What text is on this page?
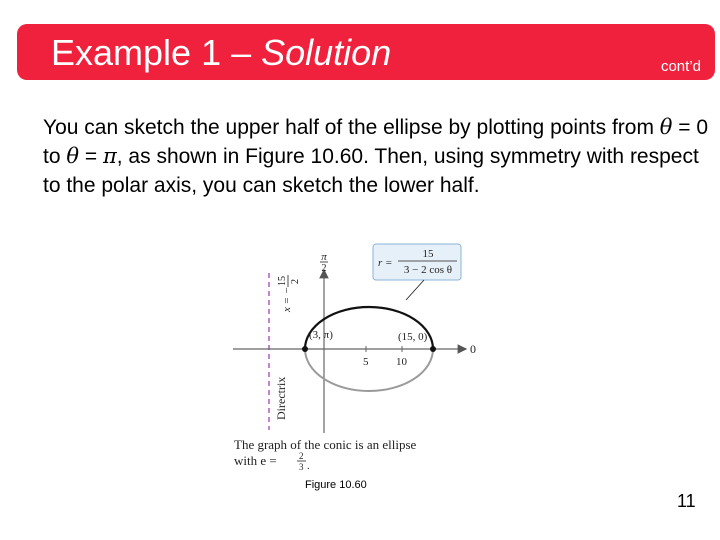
Example 1 – Solution	cont’d
You can sketch the upper half of the ellipse by plotting points from θ = 0 to θ = π, as shown in Figure 10.60. Then, using symmetry with respect to the polar axis, you can sketch the lower half.
5	10
0
π
2
(3, π)	(15, 0)
r =
15
3 − 2 cos θ
x = −
15 2
Directrix
The graph of the conic is an ellipse
with e = 2
3 .
Figure 10.60
11
